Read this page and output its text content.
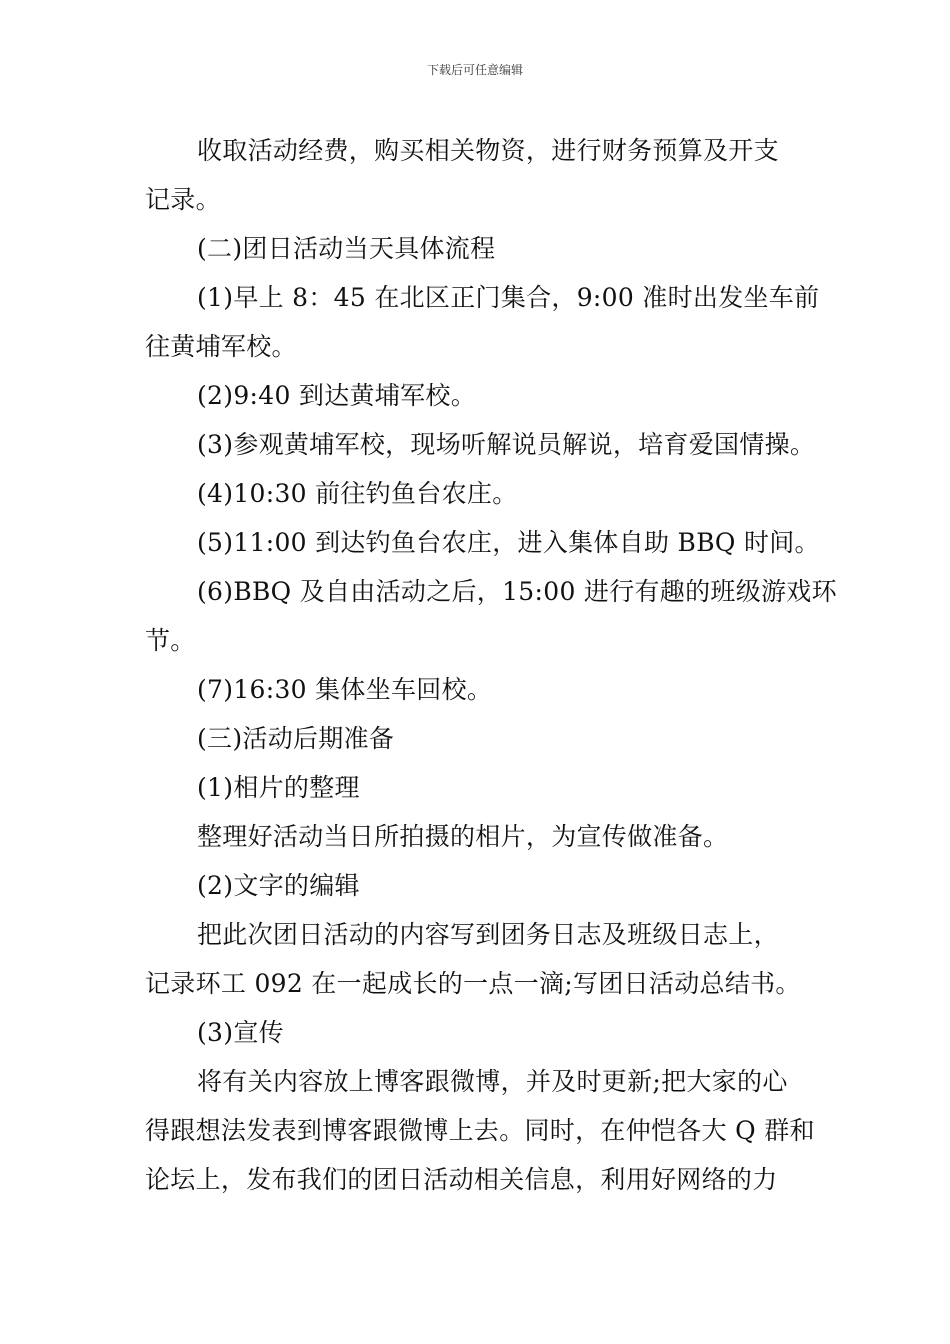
下载后可任意编辑

收取活动经费，购买相关物资，进行财务预算及开支

记录。

(二)团日活动当天具体流程

(1)早上 8：45 在北区正门集合，9:00 准时出发坐车前

往黄埔军校。

(2)9:40 到达黄埔军校。

(3)参观黄埔军校，现场听解说员解说，培育爱国情操。

(4)10:30 前往钓鱼台农庄。

(5)11:00 到达钓鱼台农庄，进入集体自助 BBQ 时间。

(6)BBQ 及自由活动之后，15:00 进行有趣的班级游戏环

节。

(7)16:30 集体坐车回校。

(三)活动后期准备

(1)相片的整理

整理好活动当日所拍摄的相片，为宣传做准备。

(2)文字的编辑

把此次团日活动的内容写到团务日志及班级日志上，

记录环工 092 在一起成长的一点一滴;写团日活动总结书。

(3)宣传

将有关内容放上博客跟微博，并及时更新;把大家的心

得跟想法发表到博客跟微博上去。同时，在仲恺各大 Q 群和

论坛上，发布我们的团日活动相关信息，利用好网络的力
